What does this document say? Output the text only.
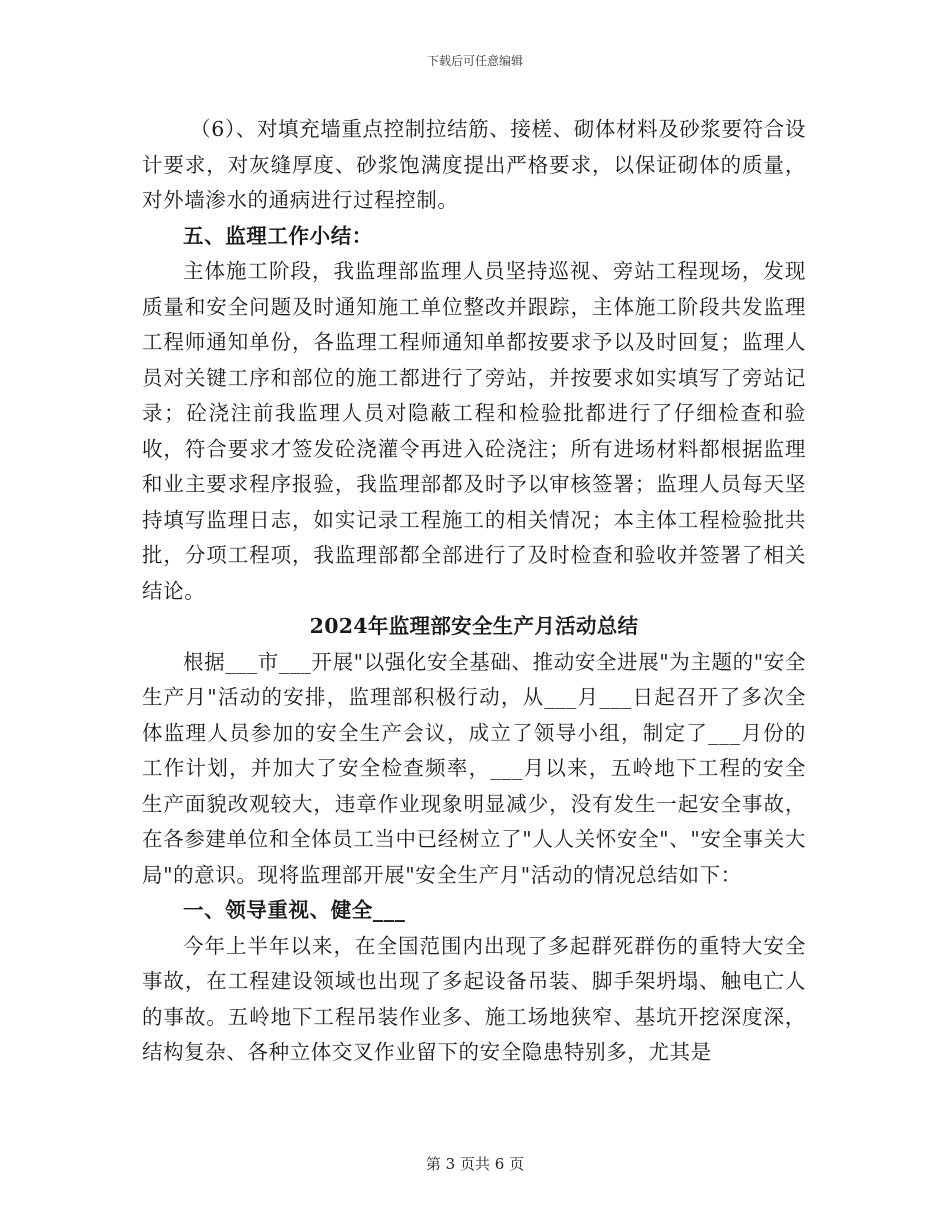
下载后可任意编辑

（6）、对填充墙重点控制拉结筋、接槎、砌体材料及砂浆要符合设计要求，对灰缝厚度、砂浆饱满度提出严格要求，以保证砌体的质量，对外墙渗水的通病进行过程控制。

五、监理工作小结：

主体施工阶段，我监理部监理人员坚持巡视、旁站工程现场，发现质量和安全问题及时通知施工单位整改并跟踪，主体施工阶段共发监理工程师通知单份，各监理工程师通知单都按要求予以及时回复；监理人员对关键工序和部位的施工都进行了旁站，并按要求如实填写了旁站记录；砼浇注前我监理人员对隐蔽工程和检验批都进行了仔细检查和验收，符合要求才签发砼浇灌令再进入砼浇注；所有进场材料都根据监理和业主要求程序报验，我监理部都及时予以审核签署；监理人员每天坚持填写监理日志，如实记录工程施工的相关情况；本主体工程检验批共批，分项工程项，我监理部都全部进行了及时检查和验收并签署了相关结论。

2024年监理部安全生产月活动总结

根据___市___开展"以强化安全基础、推动安全进展"为主题的"安全生产月"活动的安排，监理部积极行动，从___月___日起召开了多次全体监理人员参加的安全生产会议，成立了领导小组，制定了___月份的工作计划，并加大了安全检查频率，___月以来，五岭地下工程的安全生产面貌改观较大，违章作业现象明显减少，没有发生一起安全事故，在各参建单位和全体员工当中已经树立了"人人关怀安全"、"安全事关大局"的意识。现将监理部开展"安全生产月"活动的情况总结如下：

一、领导重视、健全___

今年上半年以来，在全国范围内出现了多起群死群伤的重特大安全事故，在工程建设领域也出现了多起设备吊装、脚手架坍塌、触电亡人的事故。五岭地下工程吊装作业多、施工场地狭窄、基坑开挖深度深，结构复杂、各种立体交叉作业留下的安全隐患特别多，尤其是

第 3 页共 6 页
